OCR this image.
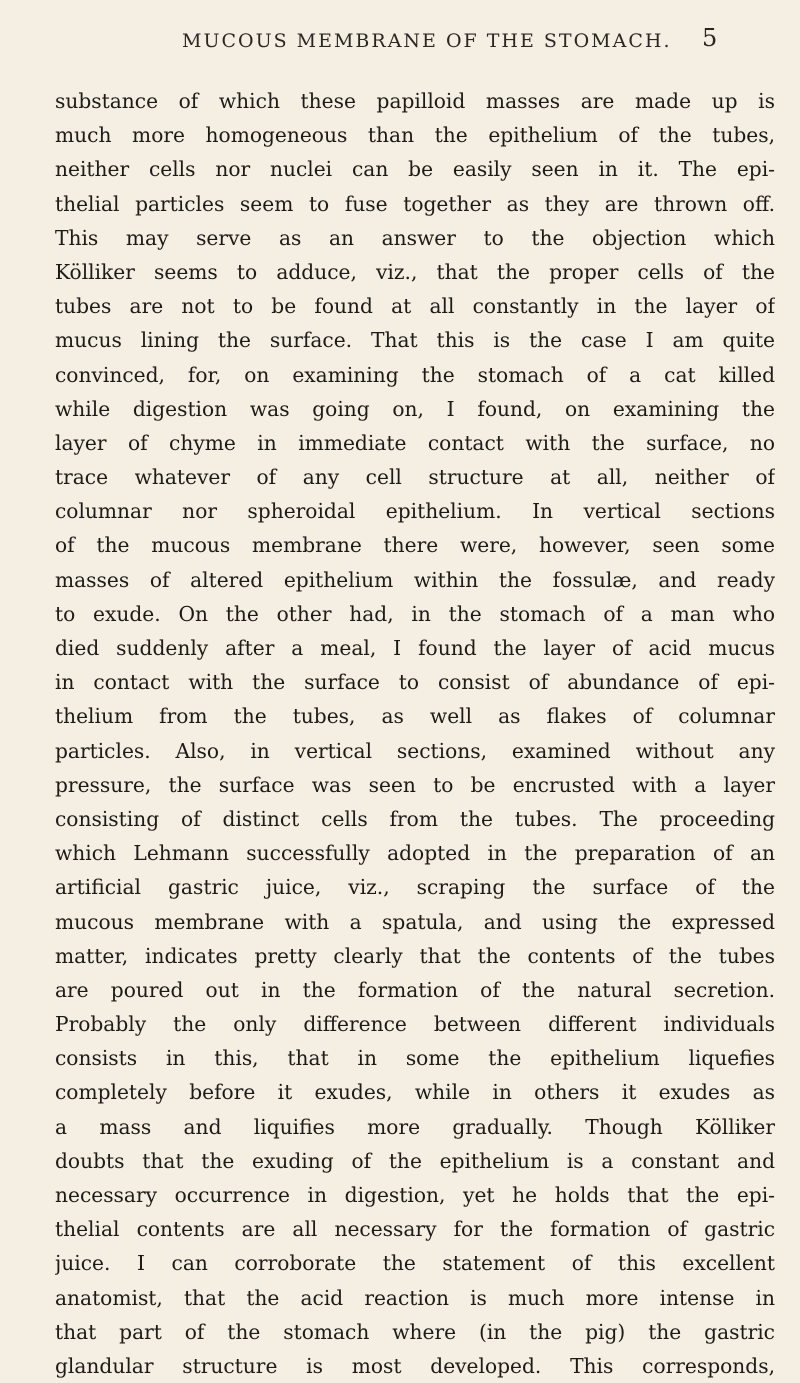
MUCOUS MEMBRANE OF THE STOMACH. 5
substance of which these papilloid masses are made up is
much more homogeneous than the epithelium of the tubes,
neither cells nor nuclei can be easily seen in it. The epi-
thelial particles seem to fuse together as they are thrown off.
This may serve as an answer to the objection which
Kölliker seems to adduce, viz., that the proper cells of the
tubes are not to be found at all constantly in the layer of
mucus lining the surface. That this is the case I am quite
convinced, for, on examining the stomach of a cat killed
while digestion was going on, I found, on examining the
layer of chyme in immediate contact with the surface, no
trace whatever of any cell structure at all, neither of
columnar nor spheroidal epithelium. In vertical sections
of the mucous membrane there were, however, seen some
masses of altered epithelium within the fossulæ, and ready
to exude. On the other had, in the stomach of a man who
died suddenly after a meal, I found the layer of acid mucus
in contact with the surface to consist of abundance of epi-
thelium from the tubes, as well as flakes of columnar
particles. Also, in vertical sections, examined without any
pressure, the surface was seen to be encrusted with a layer
consisting of distinct cells from the tubes. The proceeding
which Lehmann successfully adopted in the preparation of an
artificial gastric juice, viz., scraping the surface of the
mucous membrane with a spatula, and using the expressed
matter, indicates pretty clearly that the contents of the tubes
are poured out in the formation of the natural secretion.
Probably the only difference between different individuals
consists in this, that in some the epithelium liquefies
completely before it exudes, while in others it exudes as
a mass and liquifies more gradually. Though Kölliker
doubts that the exuding of the epithelium is a constant and
necessary occurrence in digestion, yet he holds that the epi-
thelial contents are all necessary for the formation of gastric
juice. I can corroborate the statement of this excellent
anatomist, that the acid reaction is much more intense in
that part of the stomach where (in the pig) the gastric
glandular structure is most developed. This corresponds,
